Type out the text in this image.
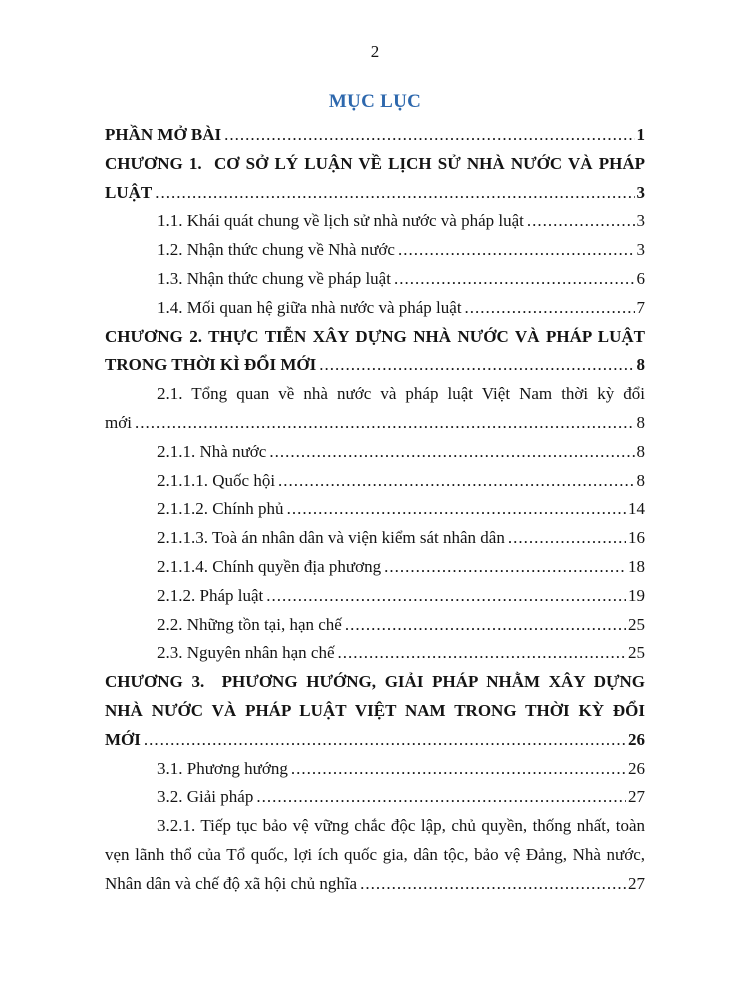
2
MỤC LỤC
PHẦN MỞ BÀI .....	1
CHƯƠNG 1.  CƠ SỞ LÝ LUẬN VỀ LỊCH SỬ NHÀ NƯỚC VÀ PHÁP
LUẬT .....	3
1.1. Khái quát chung về lịch sử nhà nước và pháp luật .....	3
1.2. Nhận thức chung về Nhà nước .....	3
1.3. Nhận thức chung về pháp luật .....	6
1.4. Mối quan hệ giữa nhà nước và pháp luật .....	7
CHƯƠNG 2. THỰC TIỄN XÂY DỰNG NHÀ NƯỚC VÀ PHÁP LUẬT
TRONG THỜI KÌ ĐỔI MỚI .....	8
2.1. Tổng quan về nhà nước và pháp luật Việt Nam thời kỳ đổi
mới .....	8
2.1.1. Nhà nước .....	8
2.1.1.1. Quốc hội .....	8
2.1.1.2. Chính phủ .....	14
2.1.1.3. Toà án nhân dân và viện kiểm sát nhân dân .....	16
2.1.1.4. Chính quyền địa phương .....	18
2.1.2. Pháp luật .....	19
2.2. Những tồn tại, hạn chế .....	25
2.3. Nguyên nhân hạn chế .....	25
CHƯƠNG 3.  PHƯƠNG HƯỚNG, GIẢI PHÁP NHẰM XÂY DỰNG
NHÀ NƯỚC VÀ PHÁP LUẬT VIỆT NAM TRONG THỜI KỲ ĐỔI
MỚI .....	26
3.1. Phương hướng .....	26
3.2. Giải pháp .....	27
3.2.1. Tiếp tục bảo vệ vững chắc độc lập, chủ quyền, thống nhất, toàn
vẹn lãnh thổ của Tổ quốc, lợi ích quốc gia, dân tộc, bảo vệ Đảng, Nhà nước,
Nhân dân và chế độ xã hội chủ nghĩa .....	27
